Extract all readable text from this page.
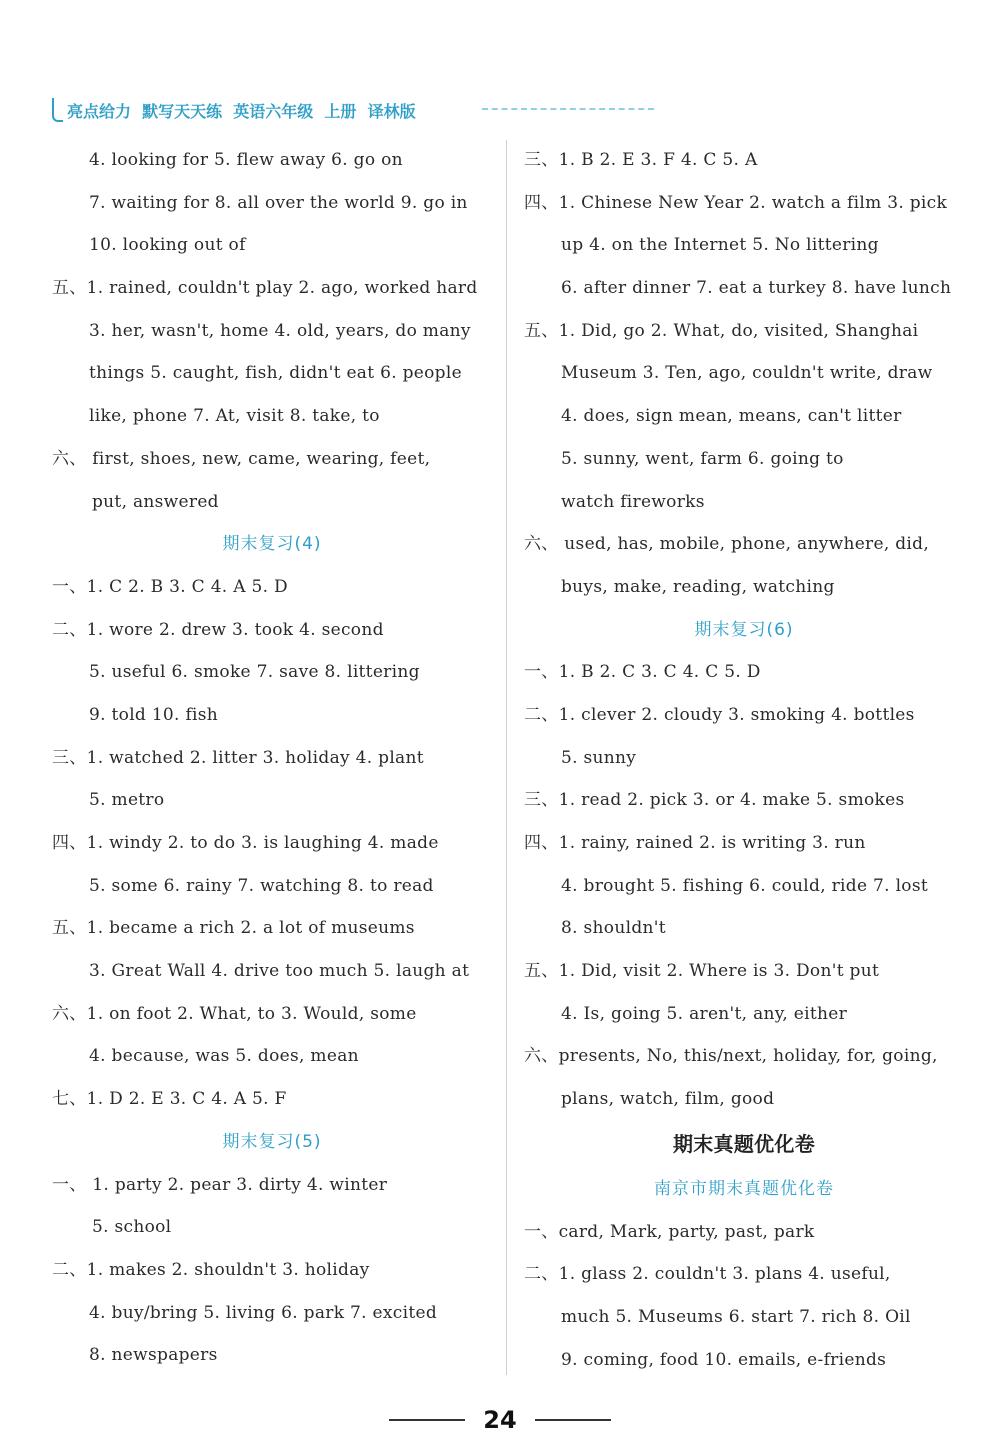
亮点给力  默写天天练  英语六年级  上册  译林版
4. looking for 5. flew away 6. go on
7. waiting for 8. all over the world 9. go in
10. looking out of
五、1. rained, couldn't play 2. ago, worked hard
3. her, wasn't, home 4. old, years, do many
things 5. caught, fish, didn't eat 6. people
like, phone 7. At, visit 8. take, to
六、 first, shoes, new, came, wearing, feet,
put, answered
期末复习(4)
一、1. C 2. B 3. C 4. A 5. D
二、1. wore 2. drew 3. took 4. second
5. useful 6. smoke 7. save 8. littering
9. told 10. fish
三、1. watched 2. litter 3. holiday 4. plant
5. metro
四、1. windy 2. to do 3. is laughing 4. made
5. some 6. rainy 7. watching 8. to read
五、1. became a rich 2. a lot of museums
3. Great Wall 4. drive too much 5. laugh at
六、1. on foot 2. What, to 3. Would, some
4. because, was 5. does, mean
七、1. D 2. E 3. C 4. A 5. F
期末复习(5)
一、 1. party 2. pear 3. dirty 4. winter
5. school
二、1. makes 2. shouldn't 3. holiday
4. buy/bring 5. living 6. park 7. excited
8. newspapers
三、1. B 2. E 3. F 4. C 5. A
四、1. Chinese New Year 2. watch a film 3. pick
up 4. on the Internet 5. No littering
6. after dinner 7. eat a turkey 8. have lunch
五、1. Did, go 2. What, do, visited, Shanghai
Museum 3. Ten, ago, couldn't write, draw
4. does, sign mean, means, can't litter
5. sunny, went, farm 6. going to
watch fireworks
六、 used, has, mobile, phone, anywhere, did,
buys, make, reading, watching
期末复习(6)
一、1. B 2. C 3. C 4. C 5. D
二、1. clever 2. cloudy 3. smoking 4. bottles
5. sunny
三、1. read 2. pick 3. or 4. make 5. smokes
四、1. rainy, rained 2. is writing 3. run
4. brought 5. fishing 6. could, ride 7. lost
8. shouldn't
五、1. Did, visit 2. Where is 3. Don't put
4. Is, going 5. aren't, any, either
六、presents, No, this/next, holiday, for, going,
plans, watch, film, good
期末真题优化卷
南京市期末真题优化卷
一、card, Mark, party, past, park
二、1. glass 2. couldn't 3. plans 4. useful,
much 5. Museums 6. start 7. rich 8. Oil
9. coming, food 10. emails, e-friends
24
